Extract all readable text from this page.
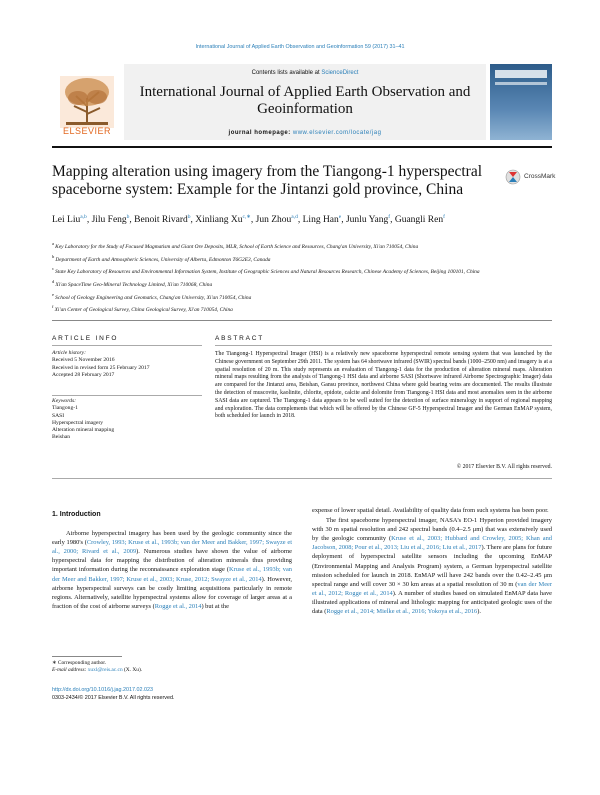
International Journal of Applied Earth Observation and Geoinformation 59 (2017) 31–41
ELSEVIER
Contents lists available at ScienceDirect
International Journal of Applied Earth Observation and Geoinformation
journal homepage: www.elsevier.com/locate/jag
Mapping alteration using imagery from the Tiangong-1 hyperspectral spaceborne system: Example for the Jintanzi gold province, China
CrossMark
Lei Liu$^{a,b}$, Jilu Feng$^b$, Benoit Rivard$^b$, Xinliang $Xu^{c,∗}$, Jun Zhou$^{a,d}$, Ling Han$^e$, Junlu Yang$^f$, Guangli Ren$^f$
$^a$ Key Laboratory for the Study of Focused Magmatism and Giant Ore Deposits, MLR, School of Earth Science and Resources, Chang'an University, Xi'an 710054, China
$^b$ Department of Earth and Atmospheric Sciences, University of Alberta, Edmonton T6G2E3, Canada
$^c$ State Key Laboratory of Resources and Environmental Information System, Institute of Geographic Sciences and Natural Resources Research, Chinese Academy of Sciences, Beijing 100101, China
$^d$ Xi'an SpaceTime Geo-Mineral Technology Limited, Xi'an 710068, China
$^e$ School of Geology Engineering and Geomatics, Chang'an University, Xi'an 710054, China
$^f$ Xi'an Center of Geological Survey, China Geological Survey, Xi'an 710054, China
ARTICLE INFO	ABSTRACT
Article history:
Received 5 November 2016
Received in revised form 25 February 2017
Accepted 28 February 2017
Keywords:
Tiangong-1
SASI
Hyperspectral imagery
Alteration mineral mapping
Beishan
The Tiangong-1 Hyperspectral Imager (HSI) is a relatively new spaceborne hyperspectral remote sensing system that was launched by the Chinese government on September 29th 2011. The system has 64 shortwave infrared (SWIR) spectral bands (1000–2500 nm) and imagery is at a spatial resolution of 20 m. This study represents an evaluation of Tiangong-1 data for the production of alteration mineral maps. Alteration mineral maps resulting from the analysis of Tiangong-1 HSI data and airborne SASI (Shortwave infrared Airborne Spectrographic Imager) data are compared for the Jintanzi area, Beishan, Gansu province, northwest China where gold bearing veins are documented. The results illustrate the detection of muscovite, kaolinite, chlorite, epidote, calcite and dolomite from Tiangong-1 HSI data and most anomalies seen in the airborne SASI data are captured. The Tiangong-1 data appears to be well suited for the detection of surface mineralogy in support of regional mapping and exploration. The data complements that which will be offered by the Chinese GF-5 Hyperspectral Imager and the German EnMAP system, both scheduled for launch in 2018.
© 2017 Elsevier B.V. All rights reserved.
1. Introduction

Airborne hyperspectral imagery has been used by the geologic community since the early 1980's (Crowley, 1993; Kruse et al., 1993b; van der Meer and Bakker, 1997; Swayze et al., 2000; Rivard et al., 2009). Numerous studies have shown the value of airborne hyperspectral data for mapping the distribution of alteration minerals thus providing important information during the reconnaissance exploration stage (Kruse et al., 1993b; van der Meer and Bakker, 1997; Kruse et al., 2003; Kruse, 2012; Swayze et al., 2014). However, airborne hyperspectral surveys can be costly limiting acquisitions particularly in remote regions. Alternatively, satellite hyperspectral systems allow for coverage of larger areas at a fraction of the cost of airborne surveys (Rogge et al., 2014) but at the

expense of lower spatial detail. Availability of quality data from such systems has been poor.

The first spaceborne hyperspectral imager, NASA's EO-1 Hyperion provided imagery with 30 m spatial resolution and 242 spectral bands (0.4–2.5 μm) that was extensively used by the geologic community (Kruse et al., 2003; Hubbard and Crowley, 2005; Khan and Jacobson, 2008; Pour et al., 2013; Liu et al., 2016; Liu et al., 2017). There are plans for future deployment of hyperspectral satellite sensors including the upcoming EnMAP (Environmental Mapping and Analysis Program) system, a German hyperspectral satellite mission scheduled for launch in 2018. EnMAP will have 242 bands over the 0.42–2.45 μm spectral range and will cover 30 × 30 km areas at a spatial resolution of 30 m (van der Meer et al., 2012; Rogge et al., 2014). A number of studies based on simulated EnMAP data have illustrated applications of mineral and lithologic mapping for anticipated geologic uses of the data (Rogge et al., 2014; Mielke et al., 2016; Yokoya et al., 2016).

∗ Corresponding author.
E-mail address: xuxl@reis.ac.cn (X. Xu).
http://dx.doi.org/10.1016/j.jag.2017.02.023
0303-2434/© 2017 Elsevier B.V. All rights reserved.
